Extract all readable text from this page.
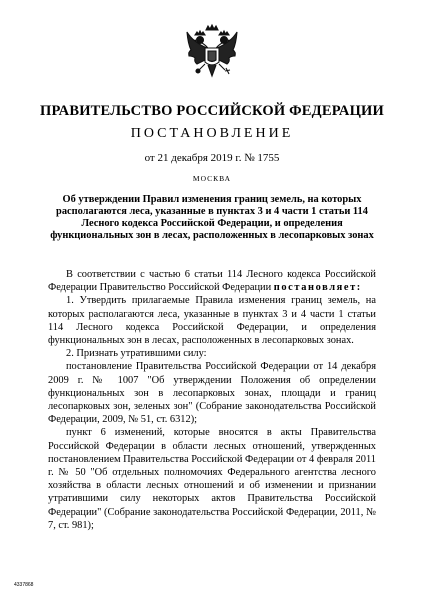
ПРАВИТЕЛЬСТВО РОССИЙСКОЙ ФЕДЕРАЦИИ
ПОСТАНОВЛЕНИЕ
от 21 декабря 2019 г. № 1755
МОСКВА
Об утверждении Правил изменения границ земель, на которых располагаются леса, указанные в пунктах 3 и 4 части 1 статьи 114 Лесного кодекса Российской Федерации, и определения функциональных зон в лесах, расположенных в лесопарковых зонах

В соответствии с частью 6 статьи 114 Лесного кодекса Российской Федерации Правительство Российской Федерации постановляет:

1. Утвердить прилагаемые Правила изменения границ земель, на которых располагаются леса, указанные в пунктах 3 и 4 части 1 статьи 114 Лесного кодекса Российской Федерации, и определения функциональных зон в лесах, расположенных в лесопарковых зонах.

2. Признать утратившими силу:

постановление Правительства Российской Федерации от 14 декабря 2009 г. № 1007 "Об утверждении Положения об определении функциональных зон в лесопарковых зонах, площади и границ лесопарковых зон, зеленых зон" (Собрание законодательства Российской Федерации, 2009, № 51, ст. 6312);

пункт 6 изменений, которые вносятся в акты Правительства Российской Федерации в области лесных отношений, утвержденных постановлением Правительства Российской Федерации от 4 февраля 2011 г. № 50 "Об отдельных полномочиях Федерального агентства лесного хозяйства в области лесных отношений и об изменении и признании утратившими силу некоторых актов Правительства Российской Федерации" (Собрание законодательства Российской Федерации, 2011, № 7, ст. 981);

4337868
